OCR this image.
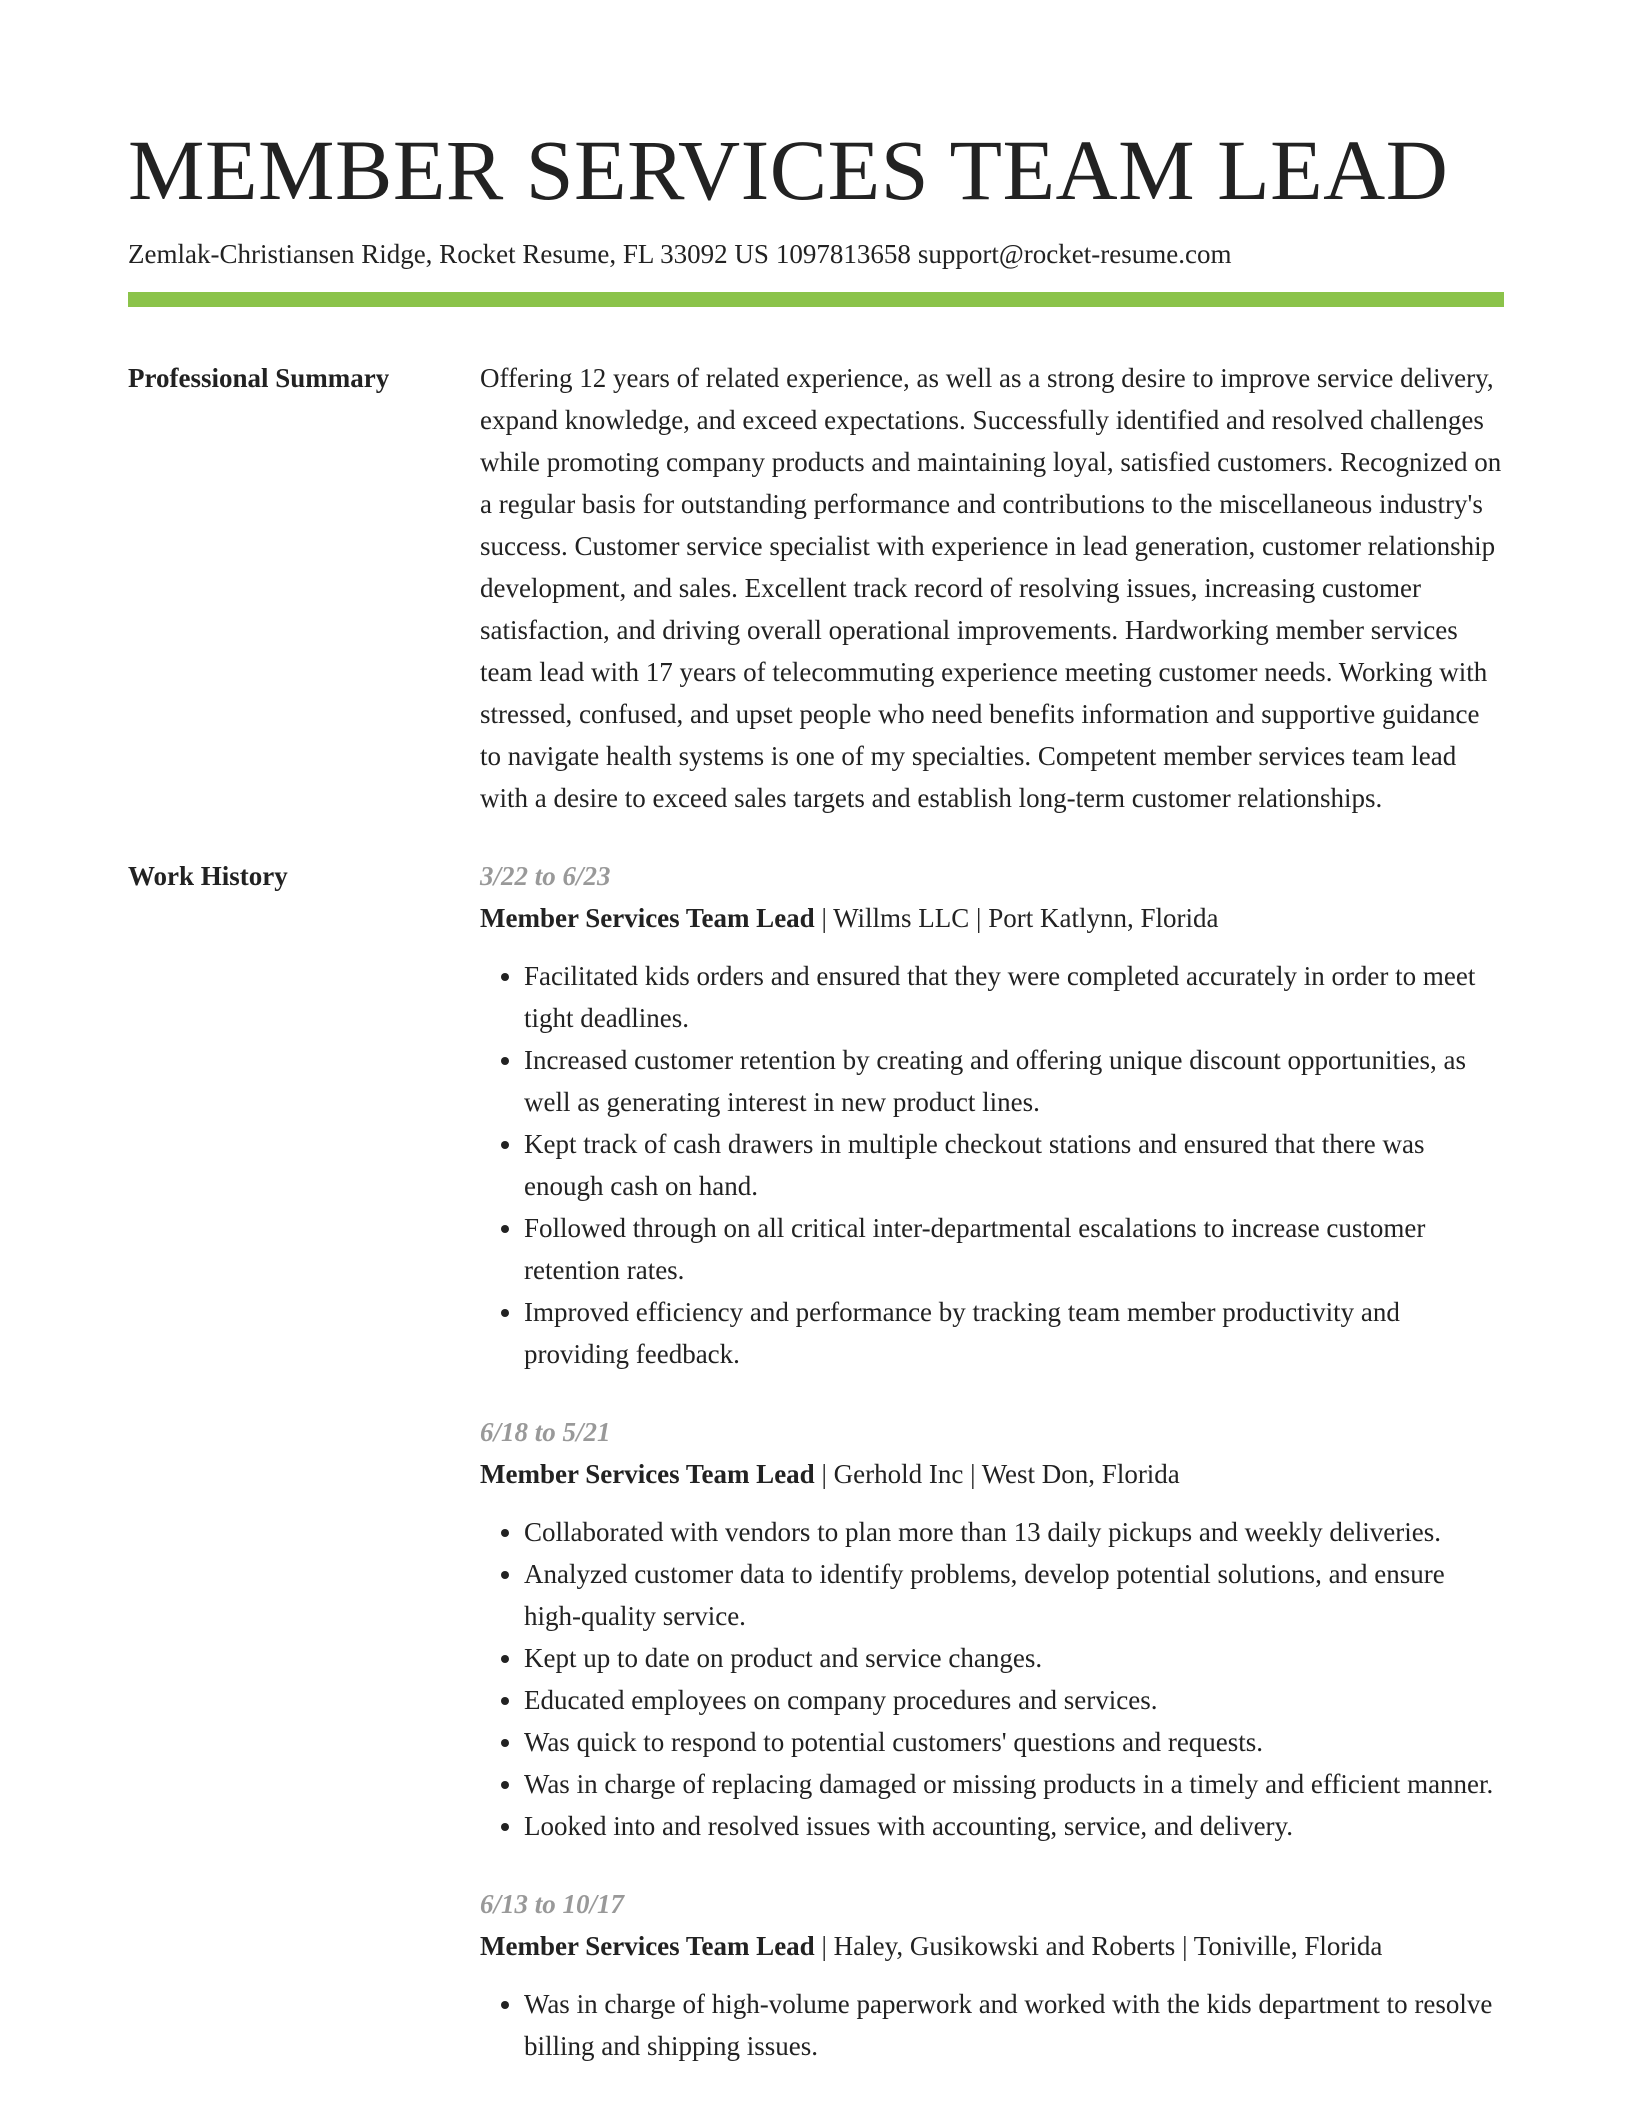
MEMBER SERVICES TEAM LEAD
Zemlak-Christiansen Ridge, Rocket Resume, FL 33092 US 1097813658 support@rocket-resume.com
Professional Summary	Offering 12 years of related experience, as well as a strong desire to improve service delivery, expand knowledge, and exceed expectations. Successfully identified and resolved challenges while promoting company products and maintaining loyal, satisfied customers. Recognized on a regular basis for outstanding performance and contributions to the miscellaneous industry's success. Customer service specialist with experience in lead generation, customer relationship development, and sales. Excellent track record of resolving issues, increasing customer satisfaction, and driving overall operational improvements. Hardworking member services team lead with 17 years of telecommuting experience meeting customer needs. Working with stressed, confused, and upset people who need benefits information and supportive guidance to navigate health systems is one of my specialties. Competent member services team lead with a desire to exceed sales targets and establish long-term customer relationships.
Work History	3/22 to 6/23
Member Services Team Lead | Willms LLC | Port Katlynn, Florida
• Facilitated kids orders and ensured that they were completed accurately in order to meet tight deadlines.
• Increased customer retention by creating and offering unique discount opportunities, as well as generating interest in new product lines.
• Kept track of cash drawers in multiple checkout stations and ensured that there was enough cash on hand.
• Followed through on all critical inter-departmental escalations to increase customer retention rates.
• Improved efficiency and performance by tracking team member productivity and providing feedback.
6/18 to 5/21
Member Services Team Lead | Gerhold Inc | West Don, Florida
• Collaborated with vendors to plan more than 13 daily pickups and weekly deliveries.
• Analyzed customer data to identify problems, develop potential solutions, and ensure high-quality service.
• Kept up to date on product and service changes.
• Educated employees on company procedures and services.
• Was quick to respond to potential customers' questions and requests.
• Was in charge of replacing damaged or missing products in a timely and efficient manner.
• Looked into and resolved issues with accounting, service, and delivery.
6/13 to 10/17
Member Services Team Lead | Haley, Gusikowski and Roberts | Toniville, Florida
• Was in charge of high-volume paperwork and worked with the kids department to resolve billing and shipping issues.
